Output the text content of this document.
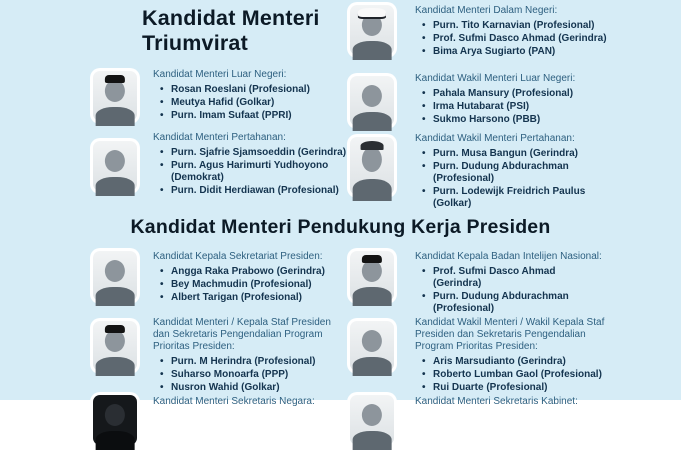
Kandidat Menteri Triumvirat
Kandidat Menteri Dalam Negeri:
• Purn. Tito Karnavian (Profesional)
• Prof. Sufmi Dasco Ahmad (Gerindra)
• Bima Arya Sugiarto (PAN)
Kandidat Menteri Luar Negeri:
• Rosan Roeslani (Profesional)
• Meutya Hafid (Golkar)
• Purn. Imam Sufaat (PPRI)
Kandidat Wakil Menteri Luar Negeri:
• Pahala Mansury (Profesional)
• Irma Hutabarat (PSI)
• Sukmo Harsono (PBB)
Kandidat Menteri Pertahanan:
• Purn. Sjafrie Sjamsoeddin (Gerindra)
• Purn. Agus Harimurti Yudhoyono (Demokrat)
• Purn. Didit Herdiawan (Profesional)
Kandidat Wakil Menteri Pertahanan:
• Purn. Musa Bangun (Gerindra)
• Purn. Dudung Abdurachman (Profesional)
• Purn. Lodewijk Freidrich Paulus (Golkar)
Kandidat Menteri Pendukung Kerja Presiden
Kandidat Kepala Sekretariat Presiden:
• Angga Raka Prabowo (Gerindra)
• Bey Machmudin (Profesional)
• Albert Tarigan (Profesional)
Kandidat Kepala Badan Intelijen Nasional:
• Prof. Sufmi Dasco Ahmad (Gerindra)
• Purn. Dudung Abdurachman (Profesional)
Kandidat Menteri / Kepala Staf Presiden dan Sekretaris Pengendalian Program Prioritas Presiden:
• Purn. M Herindra (Profesional)
• Suharso Monoarfa (PPP)
• Nusron Wahid (Golkar)
Kandidat Wakil Menteri / Wakil Kepala Staf Presiden dan Sekretaris Pengendalian Program Prioritas Presiden:
• Aris Marsudianto (Gerindra)
• Roberto Lumban Gaol (Profesional)
• Rui Duarte (Profesional)
Kandidat Menteri Sekretaris Negara:	Kandidat Menteri Sekretaris Kabinet:
